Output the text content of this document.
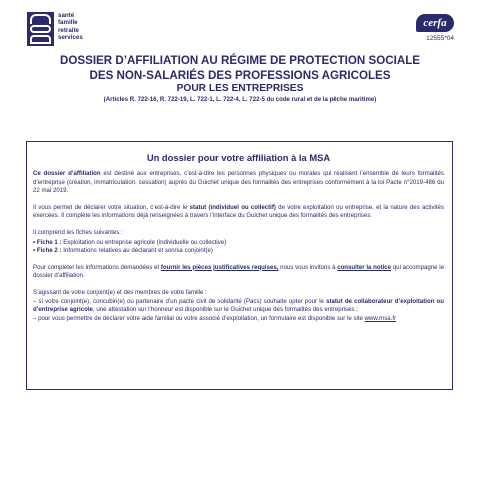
santé
famille
retraite
services
cerfa
12555*04
DOSSIER D’AFFILIATION AU RÉGIME DE PROTECTION SOCIALE
DES NON-SALARIÉS DES PROFESSIONS AGRICOLES
POUR LES ENTREPRISES
(Articles R. 722-16, R. 722-19, L. 722-1, L. 722-4, L. 722-5 du code rural et de la pêche maritime)
Un dossier pour votre affiliation à la MSA

Ce dossier d’affiliation est destiné aux entreprises, c’est-à-dire les personnes physiques ou morales qui réalisent l’ensemble de leurs formalités d’entreprise (création, immatriculation, cessation) auprès du Guichet unique des formalités des entreprises conformément à la loi Pacte n°2019-486 du 22 mai 2019.

Il vous permet de déclarer votre situation, c’est-à-dire le statut (individuel ou collectif) de votre exploitation ou entreprise, et la nature des activités exercées. Il complète les informations déjà renseignées à travers l’interface du Guichet unique des formalités des entreprises.

Il comprend les fiches suivantes :
• Fiche 1 : Exploitation ou entreprise agricole (individuelle ou collective)
• Fiche 2 : Informations relatives au déclarant et son/sa conjoint(e)

Pour compléter les informations demandées et fournir les pièces justificatives requises, nous vous invitons à consulter la notice qui accompagne le dossier d’affiliation.

S’agissant de votre conjoint(e) et des membres de votre famille :
– si votre conjoint(e), concubin(e) ou partenaire d’un pacte civil de solidarité (Pacs) souhaite opter pour le statut de collaborateur d’exploitation ou d’entreprise agricole, une attestation sur l’honneur est disponible sur le Guichet unique des formalités des entreprises ;
– pour vous permettre de déclarer votre aide familial ou votre associé d’exploitation, un formulaire est disponible sur le site www.msa.fr
